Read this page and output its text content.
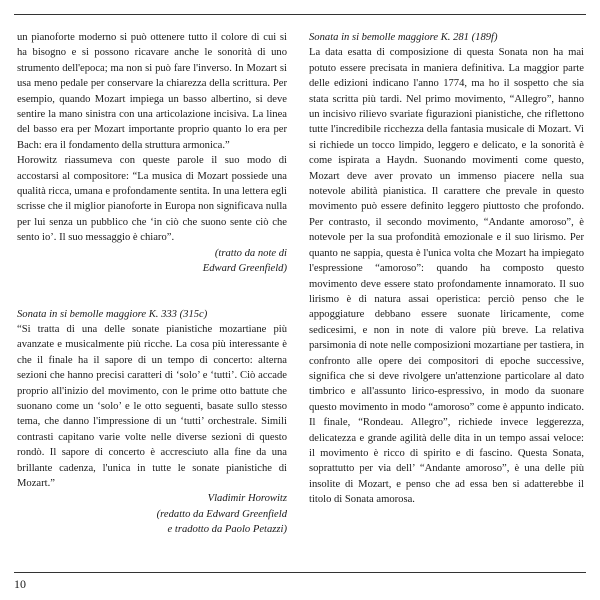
un pianoforte moderno si può ottenere tutto il colore di cui si ha bisogno e si possono ricavare anche le sonorità di uno strumento dell'epoca; ma non si può fare l'inverso. In Mozart si usa meno pedale per conservare la chiarezza della scrittura. Per esempio, quando Mozart impiega un basso albertino, si deve sentire la mano sinistra con una articolazione incisiva. La linea del basso era per Mozart importante proprio quanto lo era per Bach: era il fondamento della struttura armonica.”

Horowitz riassumeva con queste parole il suo modo di accostarsi al compositore: “La musica di Mozart possiede una qualità ricca, umana e profondamente sentita. In una lettera egli scrisse che il miglior pianoforte in Europa non significava nulla per lui senza un pubblico che ‘in ciò che suono sente ciò che sento io’. Il suo messaggio è chiaro”.

(tratto da note di

Edward Greenfield)

Sonata in si bemolle maggiore K. 333 (315c)

“Si tratta di una delle sonate pianistiche mozartiane più avanzate e musicalmente più ricche. La cosa più interessante è che il finale ha il sapore di un tempo di concerto: alterna sezioni che hanno precisi caratteri di ‘solo’ e ‘tutti’. Ciò accade proprio all'inizio del movimento, con le prime otto battute che suonano come un ‘solo’ e le otto seguenti, basate sullo stesso tema, che danno l'impressione di un ‘tutti’ orchestrale. Simili contrasti capitano varie volte nelle diverse sezioni di questo rondò. Il sapore di concerto è accresciuto alla fine da una brillante cadenza, l'unica in tutte le sonate pianistiche di Mozart.”

Vladimir Horowitz

(redatto da Edward Greenfield

e tradotto da Paolo Petazzi)

Sonata in si bemolle maggiore K. 281 (189f)

La data esatta di composizione di questa Sonata non ha mai potuto essere precisata in maniera definitiva. La maggior parte delle edizioni indicano l'anno 1774, ma ho il sospetto che sia stata scritta più tardi. Nel primo movimento, “Allegro”, hanno un incisivo rilievo svariate figurazioni pianistiche, che riflettono tutte l'incredibile ricchezza della fantasia musicale di Mozart. Vi si richiede un tocco limpido, leggero e delicato, e la sonorità è come ispirata a Haydn. Suonando movimenti come questo, Mozart deve aver provato un immenso piacere nella sua notevole abilità pianistica. Il carattere che prevale in questo movimento può essere definito leggero piuttosto che profondo. Per contrasto, il secondo movimento, “Andante amoroso”, è notevole per la sua profondità emozionale e il suo lirismo. Per quanto ne sappia, questa è l'unica volta che Mozart ha impiegato l'espressione “amoroso”: quando ha composto questo movimento deve essere stato profondamente innamorato. Il suo lirismo è di natura assai operistica: perciò penso che le appoggiature debbano essere suonate liricamente, come sedicesimi, e non in note di valore più breve. La relativa parsimonia di note nelle composizioni mozartiane per tastiera, in confronto alle opere dei compositori di epoche successive, significa che si deve rivolgere un'attenzione particolare al dato timbrico e all'assunto lirico-espressivo, in modo da suonare questo movimento in modo “amoroso” come è appunto indicato. Il finale, “Rondeau. Allegro”, richiede invece leggerezza, delicatezza e grande agilità delle dita in un tempo assai veloce: il movimento è ricco di spirito e di fascino. Questa Sonata, soprattutto per via dell’ “Andante amoroso”, è una delle più insolite di Mozart, e penso che ad essa ben si adatterebbe il titolo di Sonata amorosa.

10
